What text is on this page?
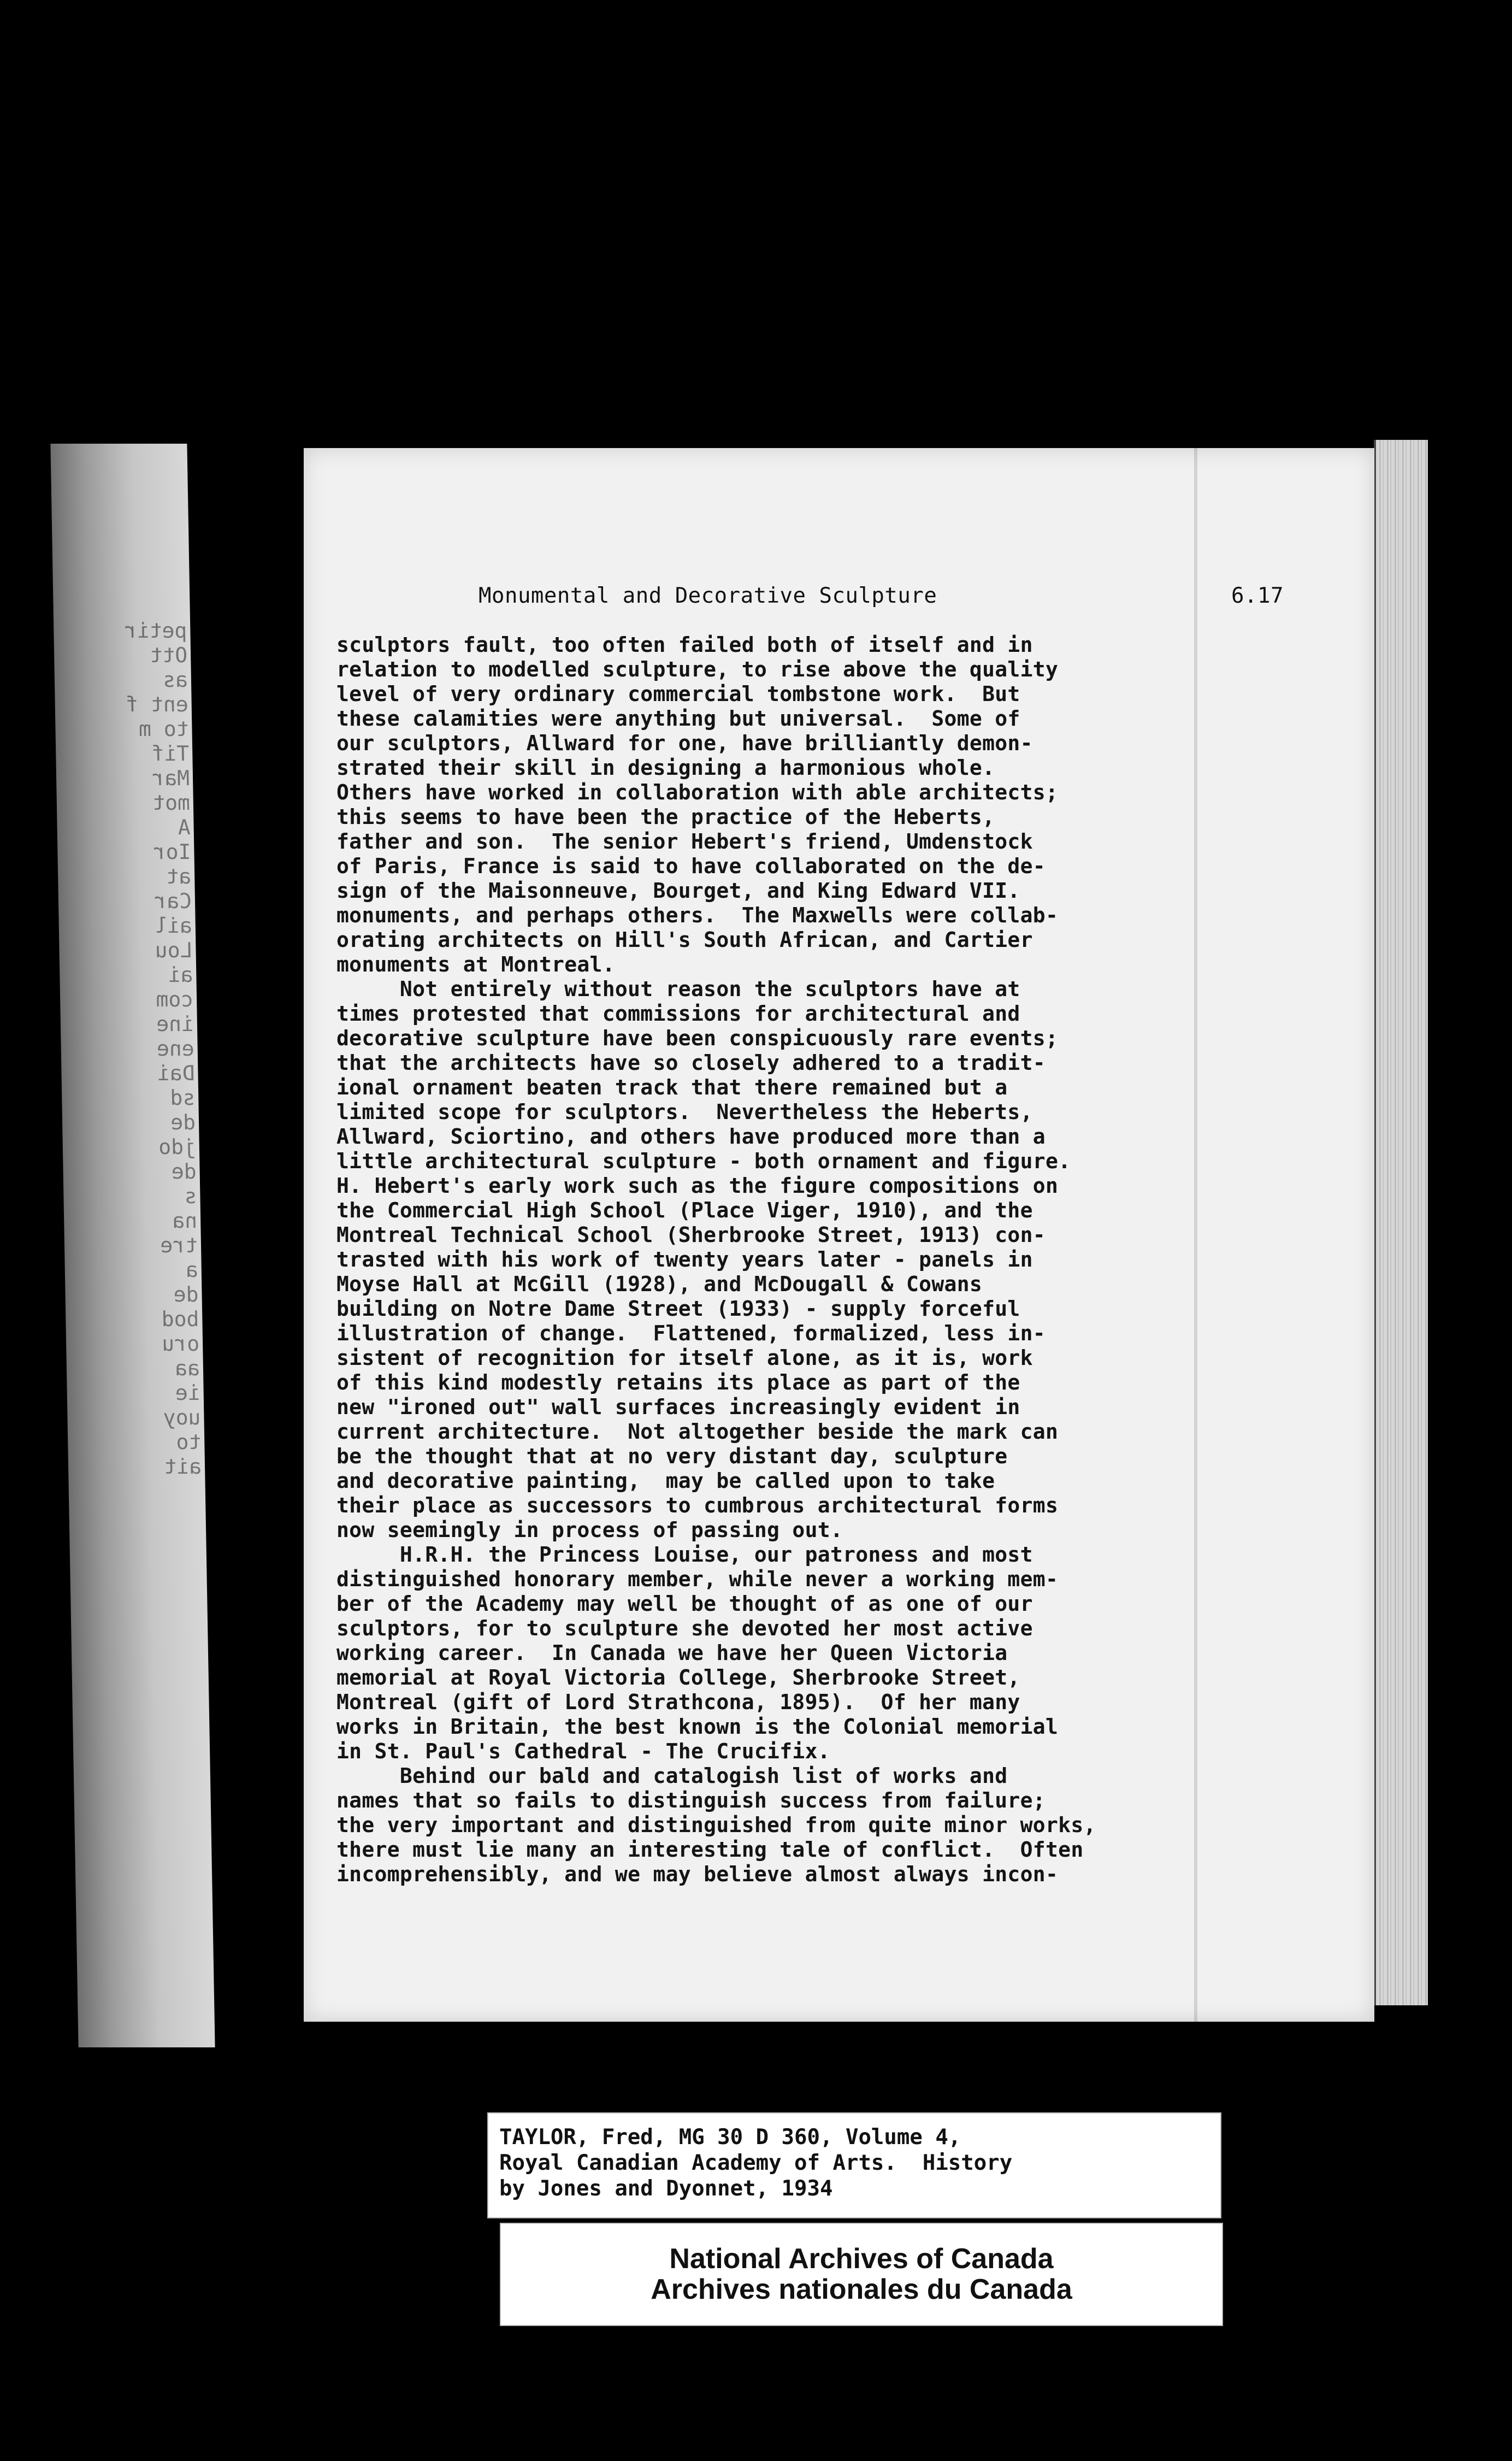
petir
Ott
as
ent f
to m
Tif
Mar
mot
A
Ior
at
Car
ail
Lou
ai
com
ine
ene
Dai
sd
de
jdo
de
s
na
tre
a
de
bod
oru
aa
ie
uoy
to
ait
Monumental and Decorative Sculpture	6.17
sculptors fault, too often failed both of itself and in
relation to modelled sculpture, to rise above the quality
level of very ordinary commercial tombstone work.  But
these calamities were anything but universal.  Some of
our sculptors, Allward for one, have brilliantly demon-
strated their skill in designing a harmonious whole.
Others have worked in collaboration with able architects;
this seems to have been the practice of the Heberts,
father and son.  The senior Hebert's friend, Umdenstock
of Paris, France is said to have collaborated on the de-
sign of the Maisonneuve, Bourget, and King Edward VII.
monuments, and perhaps others.  The Maxwells were collab-
orating architects on Hill's South African, and Cartier
monuments at Montreal.
Not entirely without reason the sculptors have at
times protested that commissions for architectural and
decorative sculpture have been conspicuously rare events;
that the architects have so closely adhered to a tradit-
ional ornament beaten track that there remained but a
limited scope for sculptors.  Nevertheless the Heberts,
Allward, Sciortino, and others have produced more than a
little architectural sculpture - both ornament and figure.
H. Hebert's early work such as the figure compositions on
the Commercial High School (Place Viger, 1910), and the
Montreal Technical School (Sherbrooke Street, 1913) con-
trasted with his work of twenty years later - panels in
Moyse Hall at McGill (1928), and McDougall & Cowans
building on Notre Dame Street (1933) - supply forceful
illustration of change.  Flattened, formalized, less in-
sistent of recognition for itself alone, as it is, work
of this kind modestly retains its place as part of the
new "ironed out" wall surfaces increasingly evident in
current architecture.  Not altogether beside the mark can
be the thought that at no very distant day, sculpture
and decorative painting,  may be called upon to take
their place as successors to cumbrous architectural forms
now seemingly in process of passing out.
H.R.H. the Princess Louise, our patroness and most
distinguished honorary member, while never a working mem-
ber of the Academy may well be thought of as one of our
sculptors, for to sculpture she devoted her most active
working career.  In Canada we have her Queen Victoria
memorial at Royal Victoria College, Sherbrooke Street,
Montreal (gift of Lord Strathcona, 1895).  Of her many
works in Britain, the best known is the Colonial memorial
in St. Paul's Cathedral - The Crucifix.
Behind our bald and catalogish list of works and
names that so fails to distinguish success from failure;
the very important and distinguished from quite minor works,
there must lie many an interesting tale of conflict.  Often
incomprehensibly, and we may believe almost always incon-
TAYLOR, Fred, MG 30 D 360, Volume 4,
Royal Canadian Academy of Arts.  History
by Jones and Dyonnet, 1934
National Archives of Canada
Archives nationales du Canada
